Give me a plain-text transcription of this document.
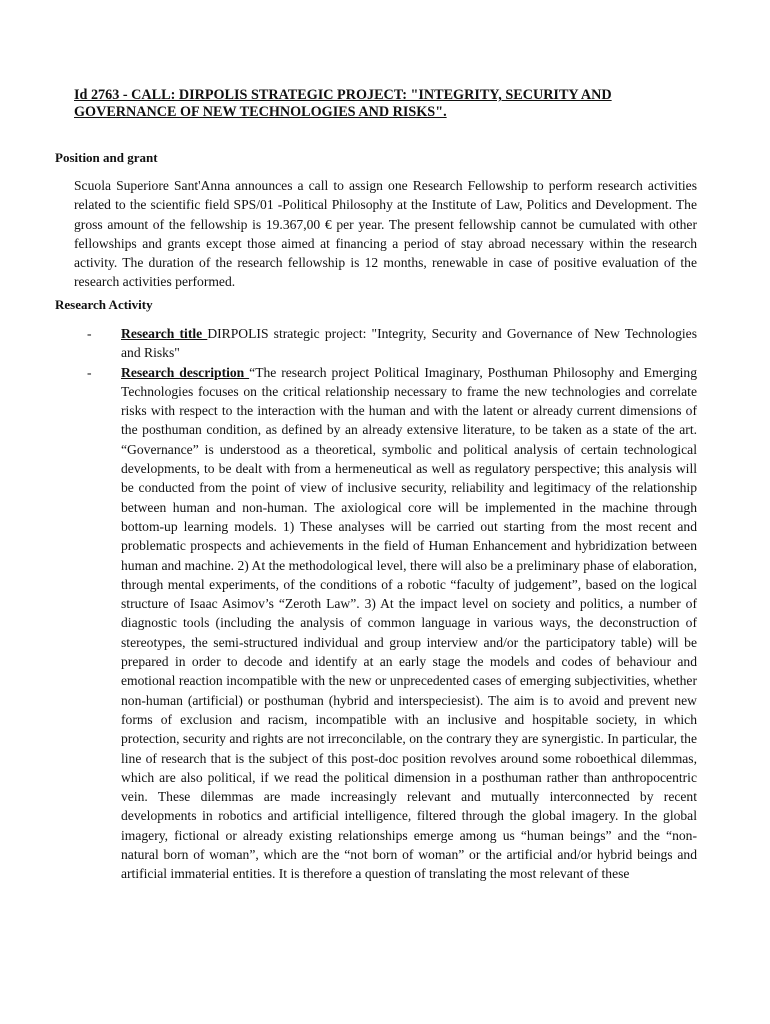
Id 2763 - CALL: DIRPOLIS STRATEGIC PROJECT: "INTEGRITY, SECURITY AND GOVERNANCE OF NEW TECHNOLOGIES AND RISKS".
Position and grant

Scuola Superiore Sant'Anna announces a call to assign one Research Fellowship to perform research activities related to the scientific field SPS/01 -Political Philosophy at the Institute of Law, Politics and Development. The gross amount of the fellowship is 19.367,00 € per year. The present fellowship cannot be cumulated with other fellowships and grants except those aimed at financing a period of stay abroad necessary within the research activity. The duration of the research fellowship is 12 months, renewable in case of positive evaluation of the research activities performed.

Research Activity
- Research title DIRPOLIS strategic project: "Integrity, Security and Governance of New Technologies and Risks"
- Research description “The research project Political Imaginary, Posthuman Philosophy and Emerging Technologies focuses on the critical relationship necessary to frame the new technologies and correlate risks with respect to the interaction with the human and with the latent or already current dimensions of the posthuman condition, as defined by an already extensive literature, to be taken as a state of the art. “Governance” is understood as a theoretical, symbolic and political analysis of certain technological developments, to be dealt with from a hermeneutical as well as regulatory perspective; this analysis will be conducted from the point of view of inclusive security, reliability and legitimacy of the relationship between human and non-human. The axiological core will be implemented in the machine through bottom-up learning models. 1) These analyses will be carried out starting from the most recent and problematic prospects and achievements in the field of Human Enhancement and hybridization between human and machine. 2) At the methodological level, there will also be a preliminary phase of elaboration, through mental experiments, of the conditions of a robotic “faculty of judgement”, based on the logical structure of Isaac Asimov’s “Zeroth Law”. 3) At the impact level on society and politics, a number of diagnostic tools (including the analysis of common language in various ways, the deconstruction of stereotypes, the semi-structured individual and group interview and/or the participatory table) will be prepared in order to decode and identify at an early stage the models and codes of behaviour and emotional reaction incompatible with the new or unprecedented cases of emerging subjectivities, whether non-human (artificial) or posthuman (hybrid and interspeciesist). The aim is to avoid and prevent new forms of exclusion and racism, incompatible with an inclusive and hospitable society, in which protection, security and rights are not irreconcilable, on the contrary they are synergistic. In particular, the line of research that is the subject of this post-doc position revolves around some roboethical dilemmas, which are also political, if we read the political dimension in a posthuman rather than anthropocentric vein. These dilemmas are made increasingly relevant and mutually interconnected by recent developments in robotics and artificial intelligence, filtered through the global imagery. In the global imagery, fictional or already existing relationships emerge among us “human beings” and the “non-natural born of woman”, which are the “not born of woman” or the artificial and/or hybrid beings and artificial immaterial entities. It is therefore a question of translating the most relevant of these
